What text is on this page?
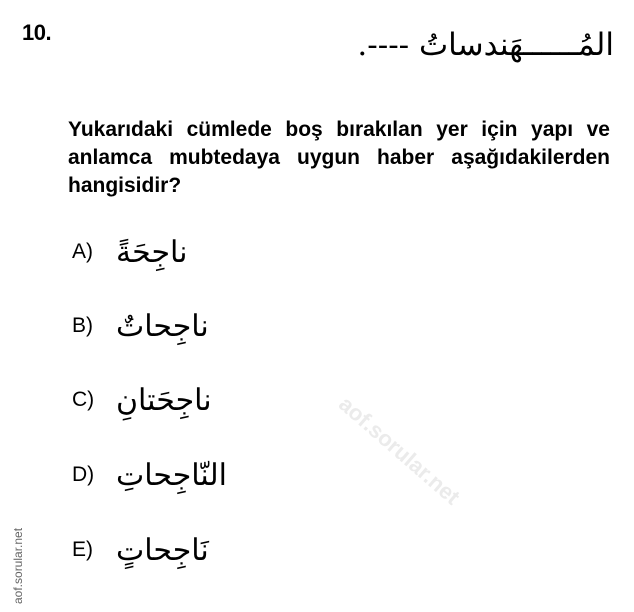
aof.sorular.net
10.	المُــــــهَندساتُ ----.
Yukarıdaki cümlede boş bırakılan yer için yapı ve anlamca mubtedaya uygun haber aşağıdakilerden hangisidir?
A) ناجِحَةً
B) ناجِحاتٌ
C) ناجِحَتانِ
D) النّاجِحاتِ
E) نَاجِحاتٍ
aof.sorular.net
